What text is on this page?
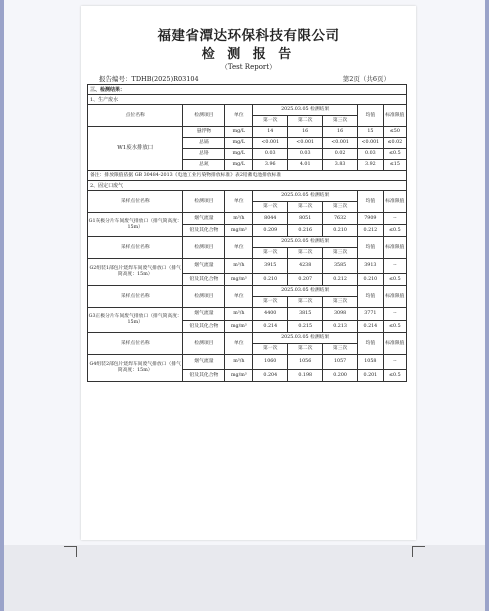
福建省潭达环保科技有限公司
检 测 报 告
（Test Report）
报告编号：TDHB(2025)R03104	第2页（共6页）
三、检测结果：							
1、生产废水							
点位名称	检测项目	单位	2025.03.05 检测结果			均值	标准限值
			第一次	第二次	第三次		
W1废水排放口	悬浮物	mg/L	14	16	16	15	≤50
	总镉	mg/L	<0.001	<0.001	<0.001	<0.001	≤0.02
	总铬	mg/L	0.03	0.03	0.02	0.03	≤0.5
	总氮	mg/L	3.96	4.01	3.83	3.92	≤15
备注：排放限值依据 GB 30484-2013《电池工业污染物排放标准》表2铅蓄电池排放标准							
2、固定口废气							
采样点位名称	检测项目	单位	2025.03.05 检测结果			均值	标准限值
			第一次	第二次	第三次		
G1灰极分片车间废气排放口（排气筒高度：15m）	烟气流量	m³/h	8044	8051	7632	7909	--
	铅及其化合物	mg/m³	0.209	0.216	0.210	0.212	≤0.5
采样点位名称	检测项目	单位	2025.03.05 检测结果			均值	标准限值
			第一次	第二次	第三次		
G2组装1部包片烧焊车间废气排放口（排气筒高度：15m）	烟气流量	m³/h	3915	4238	3585	3913	--
	铅及其化合物	mg/m³	0.210	0.207	0.212	0.210	≤0.5
采样点位名称	检测项目	单位	2025.03.05 检测结果			均值	标准限值
			第一次	第二次	第三次		
G3正极分片车间废气排放口（排气筒高度：15m）	烟气流量	m³/h	4400	3815	3098	3771	--
	铅及其化合物	mg/m³	0.214	0.215	0.213	0.214	≤0.5
采样点位名称	检测项目	单位	2025.03.05 检测结果			均值	标准限值
			第一次	第二次	第三次		
G4组装2部包片烧焊车间废气排放口（排气筒高度：15m）	烟气流量	m³/h	1060	1056	1057	1058	--
	铅及其化合物	mg/m³	0.204	0.198	0.200	0.201	≤0.5
